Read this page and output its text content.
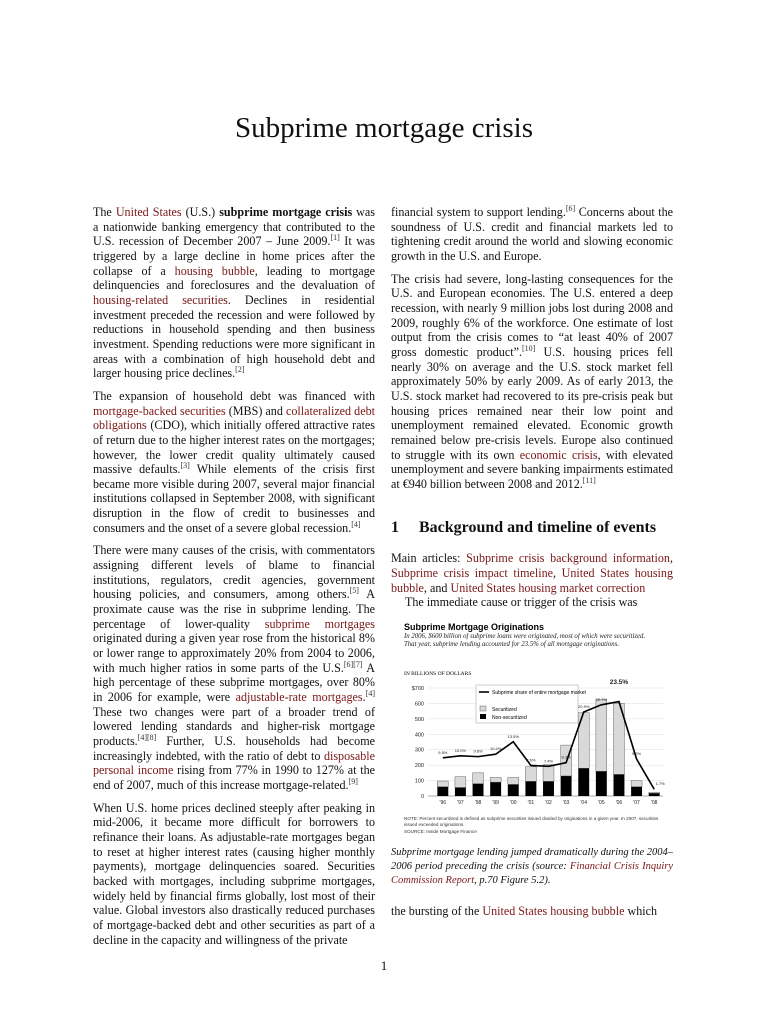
Subprime mortgage crisis

The United States (U.S.) subprime mortgage crisis was a nationwide banking emergency that contributed to the U.S. recession of December 2007 – June 2009.[1] It was triggered by a large decline in home prices after the collapse of a housing bubble, leading to mortgage delinquencies and foreclosures and the devaluation of housing-related securities. Declines in residential investment preceded the recession and were followed by reductions in household spending and then business investment. Spending reductions were more significant in areas with a combination of high household debt and larger housing price declines.[2]

The expansion of household debt was financed with mortgage-backed securities (MBS) and collateralized debt obligations (CDO), which initially offered attractive rates of return due to the higher interest rates on the mortgages; however, the lower credit quality ultimately caused massive defaults.[3] While elements of the crisis first became more visible during 2007, several major financial institutions collapsed in September 2008, with significant disruption in the flow of credit to businesses and consumers and the onset of a severe global recession.[4]

There were many causes of the crisis, with commentators assigning different levels of blame to financial institutions, regulators, credit agencies, government housing policies, and consumers, among others.[5] A proximate cause was the rise in subprime lending. The percentage of lower-quality subprime mortgages originated during a given year rose from the historical 8% or lower range to approximately 20% from 2004 to 2006, with much higher ratios in some parts of the U.S.[6][7] A high percentage of these subprime mortgages, over 80% in 2006 for example, were adjustable-rate mortgages.[4] These two changes were part of a broader trend of lowered lending standards and higher-risk mortgage products.[4][8] Further, U.S. households had become increasingly indebted, with the ratio of debt to disposable personal income rising from 77% in 1990 to 127% at the end of 2007, much of this increase mortgage-related.[9]

When U.S. home prices declined steeply after peaking in mid-2006, it became more difficult for borrowers to refinance their loans. As adjustable-rate mortgages began to reset at higher interest rates (causing higher monthly payments), mortgage delinquencies soared. Securities backed with mortgages, including subprime mortgages, widely held by financial firms globally, lost most of their value. Global investors also drastically reduced purchases of mortgage-backed debt and other securities as part of a decline in the capacity and willingness of the private

financial system to support lending.[6] Concerns about the soundness of U.S. credit and financial markets led to tightening credit around the world and slowing economic growth in the U.S. and Europe.

The crisis had severe, long-lasting consequences for the U.S. and European economies. The U.S. entered a deep recession, with nearly 9 million jobs lost during 2008 and 2009, roughly 6% of the workforce. One estimate of lost output from the crisis comes to “at least 40% of 2007 gross domestic product”.[10] U.S. housing prices fell nearly 30% on average and the U.S. stock market fell approximately 50% by early 2009. As of early 2013, the U.S. stock market had recovered to its pre-crisis peak but housing prices remained near their low point and unemployment remained elevated. Economic growth remained below pre-crisis levels. Europe also continued to struggle with its own economic crisis, with elevated unemployment and severe banking impairments estimated at €940 billion between 2008 and 2012.[11]

1	Background and timeline of events

Main articles: Subprime crisis background information, Subprime crisis impact timeline, United States housing bubble, and United States housing market correction

The immediate cause or trigger of the crisis was

Subprime Mortgage Originations
In 2006, $600 billion of subprime loans were originated, most of which were securitized. That year, subprime lending accounted for 23.5% of all mortgage originations.
IN BILLIONS OF DOLLARS
$700
600
500
400
300
200
100
0
'96 '97 '98 '99 '00 '01 '02 '03 '04 '05 '06 '07 '08
9.5% 10.0% 9.8% 10.4%
13.5%
7.6% 7.4%
8.3%
20.9%
22.7%
23.5%
9.2%
1.7%
Subprime share of entire mortgage market
Securitized
Non-securitized
NOTE: Percent securitized is defined as subprime securities issued divided by originations in a given year. In 2007, securities issued exceeded originations.
SOURCE: Inside Mortgage Finance

Subprime mortgage lending jumped dramatically during the 2004–2006 period preceding the crisis (source: Financial Crisis Inquiry Commission Report, p.70 Figure 5.2).

the bursting of the United States housing bubble which

1
